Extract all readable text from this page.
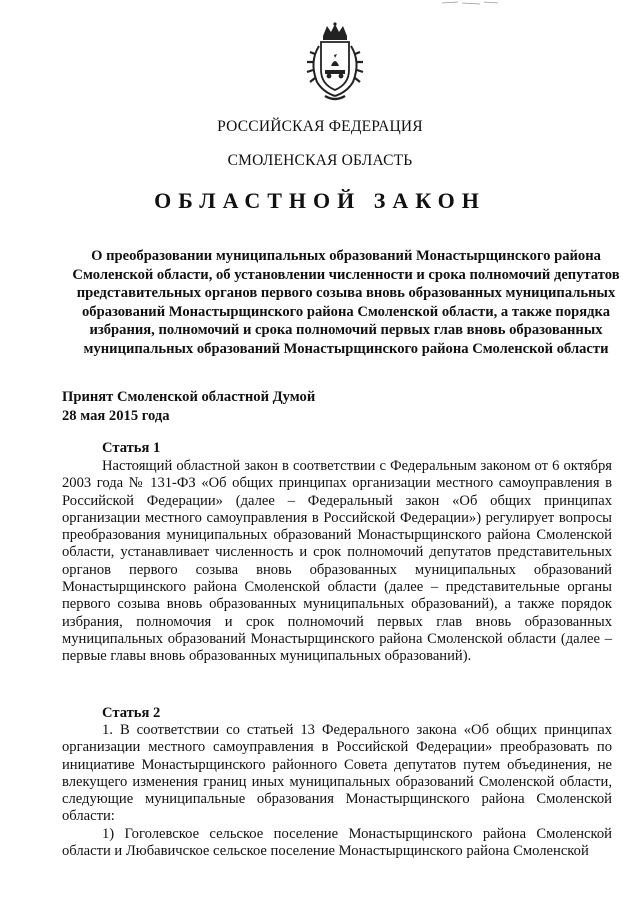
РОССИЙСКАЯ ФЕДЕРАЦИЯ
СМОЛЕНСКАЯ ОБЛАСТЬ
ОБЛАСТНОЙ ЗАКОН
О преобразовании муниципальных образований Монастырщинского района Смоленской области, об установлении численности и срока полномочий депутатов представительных органов первого созыва вновь образованных муниципальных образований Монастырщинского района Смоленской области, а также порядка избрания, полномочий и срока полномочий первых глав вновь образованных муниципальных образований Монастырщинского района Смоленской области
Принят Смоленской областной Думой
28 мая 2015 года
Статья 1
Настоящий областной закон в соответствии с Федеральным законом от 6 октября 2003 года № 131-ФЗ «Об общих принципах организации местного самоуправления в Российской Федерации» (далее – Федеральный закон «Об общих принципах организации местного самоуправления в Российской Федерации») регулирует вопросы преобразования муниципальных образований Монастырщинского района Смоленской области, устанавливает численность и срок полномочий депутатов представительных органов первого созыва вновь образованных муниципальных образований Монастырщинского района Смоленской области (далее – представительные органы первого созыва вновь образованных муниципальных образований), а также порядок избрания, полномочия и срок полномочий первых глав вновь образованных муниципальных образований Монастырщинского района Смоленской области (далее – первые главы вновь образованных муниципальных образований).
Статья 2
1. В соответствии со статьей 13 Федерального закона «Об общих принципах организации местного самоуправления в Российской Федерации» преобразовать по инициативе Монастырщинского районного Совета депутатов путем объединения, не влекущего изменения границ иных муниципальных образований Смоленской области, следующие муниципальные образования Монастырщинского района Смоленской области:
1) Гоголевское сельское поселение Монастырщинского района Смоленской области и Любавичское сельское поселение Монастырщинского района Смоленской
